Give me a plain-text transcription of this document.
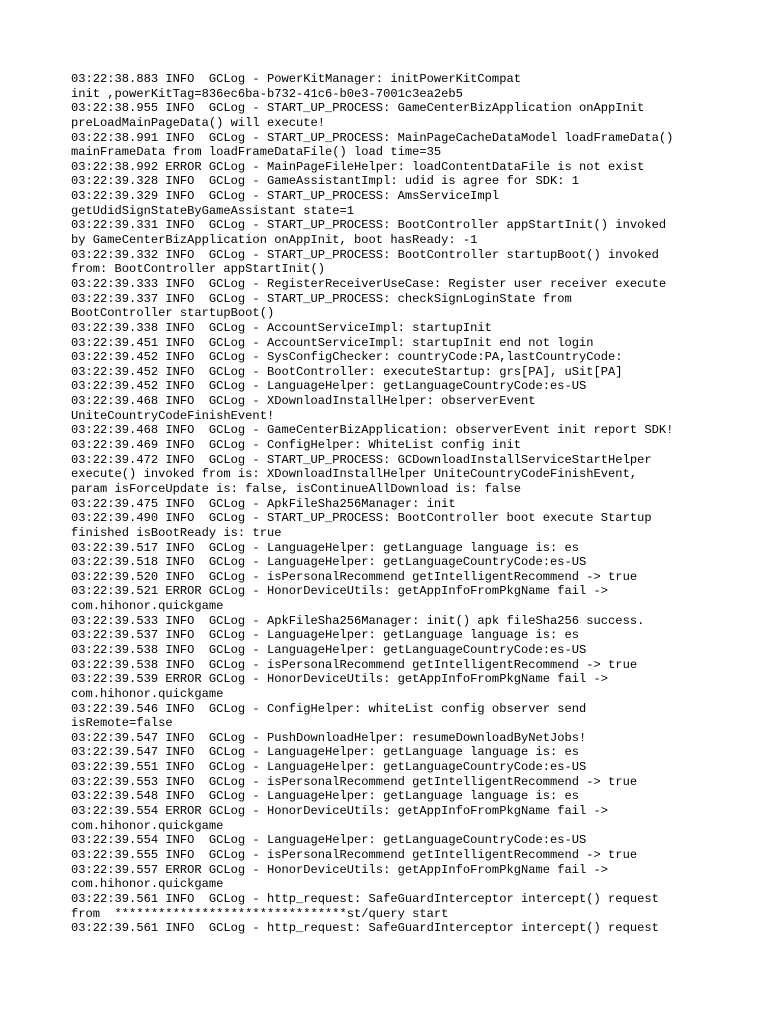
03:22:38.883 INFO  GCLog - PowerKitManager: initPowerKitCompat
init ,powerKitTag=836ec6ba-b732-41c6-b0e3-7001c3ea2eb5
03:22:38.955 INFO  GCLog - START_UP_PROCESS: GameCenterBizApplication onAppInit
preLoadMainPageData() will execute!
03:22:38.991 INFO  GCLog - START_UP_PROCESS: MainPageCacheDataModel loadFrameData()
mainFrameData from loadFrameDataFile() load time=35
03:22:38.992 ERROR GCLog - MainPageFileHelper: loadContentDataFile is not exist
03:22:39.328 INFO  GCLog - GameAssistantImpl: udid is agree for SDK: 1
03:22:39.329 INFO  GCLog - START_UP_PROCESS: AmsServiceImpl
getUdidSignStateByGameAssistant state=1
03:22:39.331 INFO  GCLog - START_UP_PROCESS: BootController appStartInit() invoked
by GameCenterBizApplication onAppInit, boot hasReady: -1
03:22:39.332 INFO  GCLog - START_UP_PROCESS: BootController startupBoot() invoked
from: BootController appStartInit()
03:22:39.333 INFO  GCLog - RegisterReceiverUseCase: Register user receiver execute
03:22:39.337 INFO  GCLog - START_UP_PROCESS: checkSignLoginState from
BootController startupBoot()
03:22:39.338 INFO  GCLog - AccountServiceImpl: startupInit
03:22:39.451 INFO  GCLog - AccountServiceImpl: startupInit end not login
03:22:39.452 INFO  GCLog - SysConfigChecker: countryCode:PA,lastCountryCode:
03:22:39.452 INFO  GCLog - BootController: executeStartup: grs[PA], uSit[PA]
03:22:39.452 INFO  GCLog - LanguageHelper: getLanguageCountryCode:es-US
03:22:39.468 INFO  GCLog - XDownloadInstallHelper: observerEvent
UniteCountryCodeFinishEvent!
03:22:39.468 INFO  GCLog - GameCenterBizApplication: observerEvent init report SDK!
03:22:39.469 INFO  GCLog - ConfigHelper: WhiteList config init
03:22:39.472 INFO  GCLog - START_UP_PROCESS: GCDownloadInstallServiceStartHelper
execute() invoked from is: XDownloadInstallHelper UniteCountryCodeFinishEvent,
param isForceUpdate is: false, isContinueAllDownload is: false
03:22:39.475 INFO  GCLog - ApkFileSha256Manager: init
03:22:39.490 INFO  GCLog - START_UP_PROCESS: BootController boot execute Startup
finished isBootReady is: true
03:22:39.517 INFO  GCLog - LanguageHelper: getLanguage language is: es
03:22:39.518 INFO  GCLog - LanguageHelper: getLanguageCountryCode:es-US
03:22:39.520 INFO  GCLog - isPersonalRecommend getIntelligentRecommend -> true
03:22:39.521 ERROR GCLog - HonorDeviceUtils: getAppInfoFromPkgName fail ->
com.hihonor.quickgame
03:22:39.533 INFO  GCLog - ApkFileSha256Manager: init() apk fileSha256 success.
03:22:39.537 INFO  GCLog - LanguageHelper: getLanguage language is: es
03:22:39.538 INFO  GCLog - LanguageHelper: getLanguageCountryCode:es-US
03:22:39.538 INFO  GCLog - isPersonalRecommend getIntelligentRecommend -> true
03:22:39.539 ERROR GCLog - HonorDeviceUtils: getAppInfoFromPkgName fail ->
com.hihonor.quickgame
03:22:39.546 INFO  GCLog - ConfigHelper: whiteList config observer send
isRemote=false
03:22:39.547 INFO  GCLog - PushDownloadHelper: resumeDownloadByNetJobs!
03:22:39.547 INFO  GCLog - LanguageHelper: getLanguage language is: es
03:22:39.551 INFO  GCLog - LanguageHelper: getLanguageCountryCode:es-US
03:22:39.553 INFO  GCLog - isPersonalRecommend getIntelligentRecommend -> true
03:22:39.548 INFO  GCLog - LanguageHelper: getLanguage language is: es
03:22:39.554 ERROR GCLog - HonorDeviceUtils: getAppInfoFromPkgName fail ->
com.hihonor.quickgame
03:22:39.554 INFO  GCLog - LanguageHelper: getLanguageCountryCode:es-US
03:22:39.555 INFO  GCLog - isPersonalRecommend getIntelligentRecommend -> true
03:22:39.557 ERROR GCLog - HonorDeviceUtils: getAppInfoFromPkgName fail ->
com.hihonor.quickgame
03:22:39.561 INFO  GCLog - http_request: SafeGuardInterceptor intercept() request
from  ********************************st/query start
03:22:39.561 INFO  GCLog - http_request: SafeGuardInterceptor intercept() request
